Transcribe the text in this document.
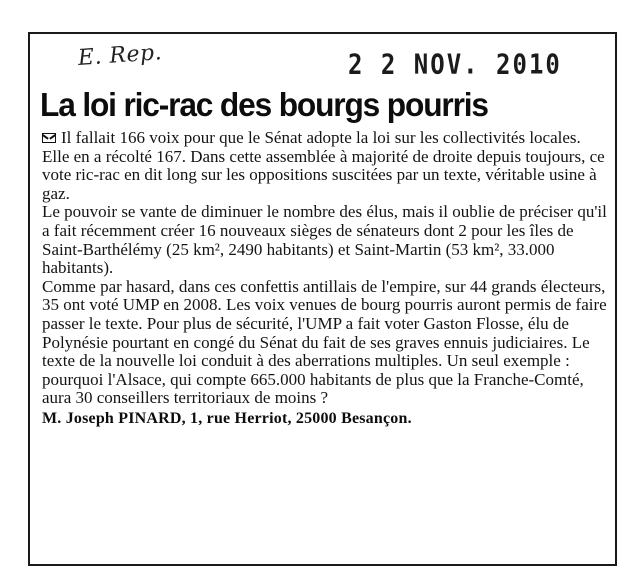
E. Rep.	2 2 NOV. 2010
La loi ric-rac des bourgs pourris

Il fallait 166 voix pour que le Sénat adopte la loi sur les collectivités locales. Elle en a récolté 167. Dans cette assemblée à majorité de droite depuis toujours, ce vote ric-rac en dit long sur les oppositions suscitées par un texte, véritable usine à gaz.

Le pouvoir se vante de diminuer le nombre des élus, mais il oublie de préciser qu'il a fait récemment créer 16 nouveaux sièges de sénateurs dont 2 pour les îles de Saint-Barthélémy (25 km², 2490 habitants) et Saint-Martin (53 km², 33.000 habitants).

Comme par hasard, dans ces confettis antillais de l'empire, sur 44 grands électeurs, 35 ont voté UMP en 2008. Les voix venues de bourg pourris auront permis de faire passer le texte. Pour plus de sécurité, l'UMP a fait voter Gaston Flosse, élu de Polynésie pourtant en congé du Sénat du fait de ses graves ennuis judiciaires. Le texte de la nouvelle loi conduit à des aberrations multiples. Un seul exemple : pourquoi l'Alsace, qui compte 665.000 habitants de plus que la Franche-Comté, aura 30 conseillers territoriaux de moins ?

M. Joseph PINARD, 1, rue Herriot, 25000 Besançon.
